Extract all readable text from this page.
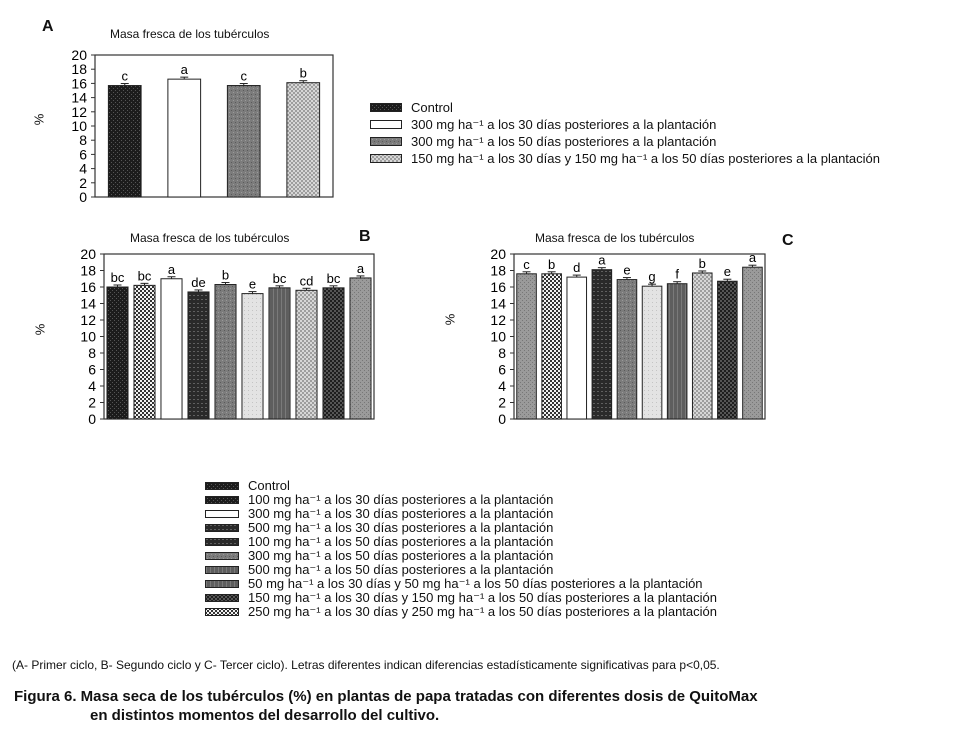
A	Masa fresca de los tubérculos
%
0
2
4
6
8
10
12
14
16
18
20
c	a	c	b
Control
300 mg ha⁻¹ a los 30 días posteriores a la plantación
300 mg ha⁻¹ a los 50 días posteriores a la plantación
150 mg ha⁻¹ a los 30 días y 150 mg ha⁻¹ a los 50 días posteriores a la plantación
Masa fresca de los tubérculos	B
%
0
2
4
6
8
10
12
14
16
18
20
bc bc a
de b
e bc cd bc
a
Masa fresca de los tubérculos	C
%
0
2
4
6
8
10
12
14
16
18
20
c b d a
e g f
b
e
a
Control
100 mg ha⁻¹ a los 30 días posteriores a la plantación
300 mg ha⁻¹ a los 30 días posteriores a la plantación
500 mg ha⁻¹ a los 30 días posteriores a la plantación
100 mg ha⁻¹ a los 50 días posteriores a la plantación
300 mg ha⁻¹ a los 50 días posteriores a la plantación
500 mg ha⁻¹ a los 50 días posteriores a la plantación
50 mg ha⁻¹ a los 30 días y 50 mg ha⁻¹ a los 50 días posteriores a la plantación
150 mg ha⁻¹ a los 30 días y 150 mg ha⁻¹ a los 50 días posteriores a la plantación
250 mg ha⁻¹ a los 30 días y 250 mg ha⁻¹ a los 50 días posteriores a la plantación
(A- Primer ciclo, B- Segundo ciclo y C- Tercer ciclo). Letras diferentes indican diferencias estadísticamente significativas para p<0,05.
Figura 6. Masa seca de los tubérculos (%) en plantas de papa tratadas con diferentes dosis de QuitoMax
en distintos momentos del desarrollo del cultivo.
